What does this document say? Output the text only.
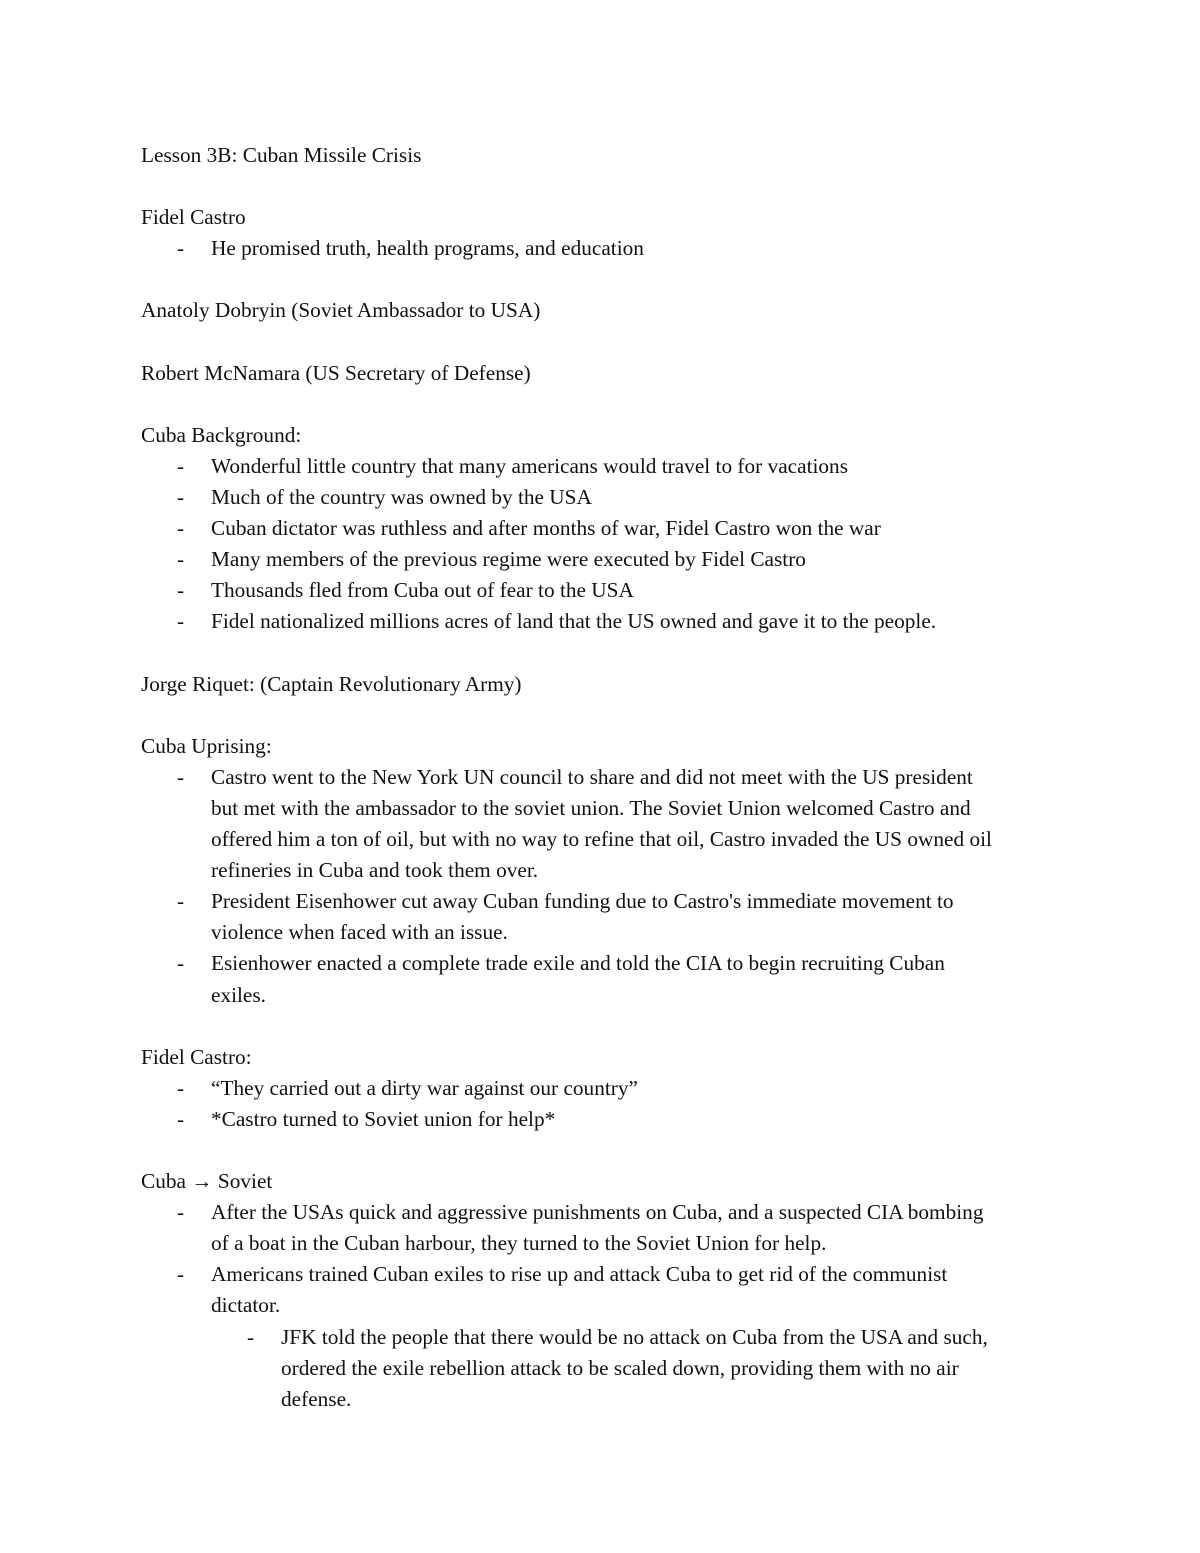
Lesson 3B: Cuban Missile Crisis

Fidel Castro

- He promised truth, health programs, and education

Anatoly Dobryin (Soviet Ambassador to USA)

Robert McNamara (US Secretary of Defense)

Cuba Background:

- Wonderful little country that many americans would travel to for vacations
- Much of the country was owned by the USA
- Cuban dictator was ruthless and after months of war, Fidel Castro won the war
- Many members of the previous regime were executed by Fidel Castro
- Thousands fled from Cuba out of fear to the USA
- Fidel nationalized millions acres of land that the US owned and gave it to the people.

Jorge Riquet: (Captain Revolutionary Army)

Cuba Uprising:

- Castro went to the New York UN council to share and did not meet with the US president but met with the ambassador to the soviet union. The Soviet Union welcomed Castro and offered him a ton of oil, but with no way to refine that oil, Castro invaded the US owned oil refineries in Cuba and took them over.
- President Eisenhower cut away Cuban funding due to Castro's immediate movement to violence when faced with an issue.
- Esienhower enacted a complete trade exile and told the CIA to begin recruiting Cuban exiles.

Fidel Castro:

- “They carried out a dirty war against our country”
- *Castro turned to Soviet union for help*

Cuba → Soviet

- After the USAs quick and aggressive punishments on Cuba, and a suspected CIA bombing of a boat in the Cuban harbour, they turned to the Soviet Union for help.
- Americans trained Cuban exiles to rise up and attack Cuba to get rid of the communist dictator.
- JFK told the people that there would be no attack on Cuba from the USA and such, ordered the exile rebellion attack to be scaled down, providing them with no air defense.
